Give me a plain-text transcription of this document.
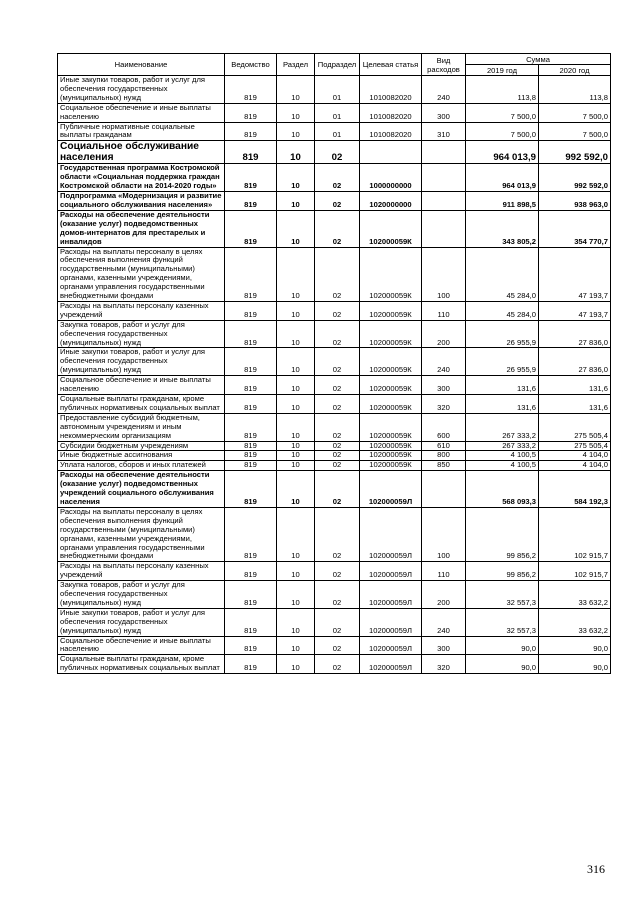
Наименование	Ведомство	Раздел	Подраздел	Целевая статья	Вид расходов	Сумма	
						2019 год	2020 год
Иные закупки товаров, работ и услуг для обеспечения государственных (муниципальных) нужд	819	10	01	1010082020	240	113,8	113,8
Социальное обеспечение и иные выплаты населению	819	10	01	1010082020	300	7 500,0	7 500,0
Публичные нормативные социальные выплаты гражданам	819	10	01	1010082020	310	7 500,0	7 500,0
Социальное обслуживание населения	819	10	02			964 013,9	992 592,0
Государственная программа Костромской области «Социальная поддержка граждан Костромской области на 2014-2020 годы»	819	10	02	1000000000		964 013,9	992 592,0
Подпрограмма «Модернизация и развитие социального обслуживания населения»	819	10	02	1020000000		911 898,5	938 963,0
Расходы на обеспечение деятельности (оказание услуг) подведомственных домов-интернатов для престарелых и инвалидов	819	10	02	102000059К		343 805,2	354 770,7
Расходы на выплаты персоналу в целях обеспечения выполнения функций государственными (муниципальными) органами, казенными учреждениями, органами управления государственными внебюджетными фондами	819	10	02	102000059К	100	45 284,0	47 193,7
Расходы на выплаты персоналу казенных учреждений	819	10	02	102000059К	110	45 284,0	47 193,7
Закупка товаров, работ и услуг для обеспечения государственных (муниципальных) нужд	819	10	02	102000059К	200	26 955,9	27 836,0
Иные закупки товаров, работ и услуг для обеспечения государственных (муниципальных) нужд	819	10	02	102000059К	240	26 955,9	27 836,0
Социальное обеспечение и иные выплаты населению	819	10	02	102000059К	300	131,6	131,6
Социальные выплаты гражданам, кроме публичных нормативных социальных выплат	819	10	02	102000059К	320	131,6	131,6
Предоставление субсидий бюджетным, автономным учреждениям и иным некоммерческим организациям	819	10	02	102000059К	600	267 333,2	275 505,4
Субсидии бюджетным учреждениям	819	10	02	102000059К	610	267 333,2	275 505,4
Иные бюджетные ассигнования	819	10	02	102000059К	800	4 100,5	4 104,0
Уплата налогов, сборов и иных платежей	819	10	02	102000059К	850	4 100,5	4 104,0
Расходы на обеспечение деятельности (оказание услуг) подведомственных учреждений социального обслуживания населения	819	10	02	102000059Л		568 093,3	584 192,3
Расходы на выплаты персоналу в целях обеспечения выполнения функций государственными (муниципальными) органами, казенными учреждениями, органами управления государственными внебюджетными фондами	819	10	02	102000059Л	100	99 856,2	102 915,7
Расходы на выплаты персоналу казенных учреждений	819	10	02	102000059Л	110	99 856,2	102 915,7
Закупка товаров, работ и услуг для обеспечения государственных (муниципальных) нужд	819	10	02	102000059Л	200	32 557,3	33 632,2
Иные закупки товаров, работ и услуг для обеспечения государственных (муниципальных) нужд	819	10	02	102000059Л	240	32 557,3	33 632,2
Социальное обеспечение и иные выплаты населению	819	10	02	102000059Л	300	90,0	90,0
Социальные выплаты гражданам, кроме публичных нормативных социальных выплат	819	10	02	102000059Л	320	90,0	90,0
316
